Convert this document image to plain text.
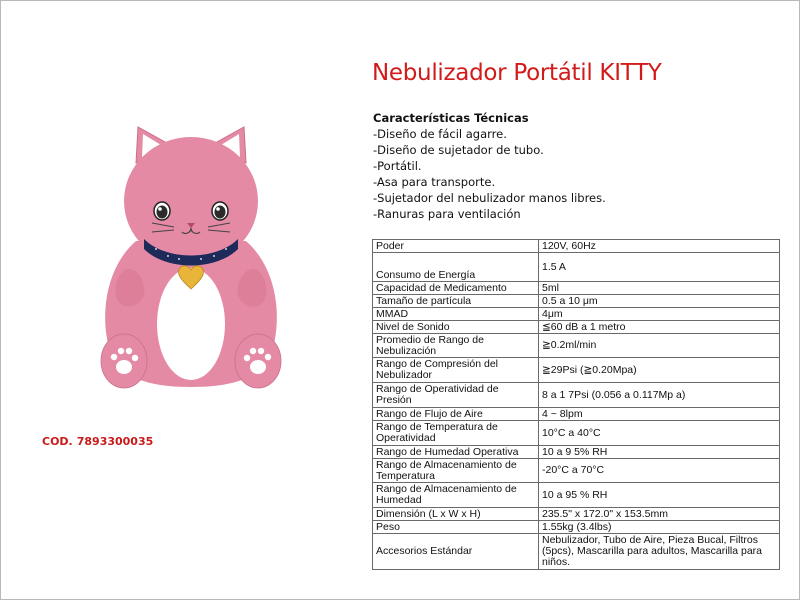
Nebulizador Portátil KITTY
Características Técnicas
-Diseño de fácil agarre.
-Diseño de sujetador de tubo.
-Portátil.
-Asa para transporte.
-Sujetador del nebulizador manos libres.
-Ranuras para ventilación
COD. 7893300035
Poder	120V, 60Hz
Consumo de Energía	1.5 A
Capacidad de Medicamento	5ml
Tamaño de partícula	0.5 a 10 μm
MMAD	4μm
Nivel de Sonido	≦60 dB a 1 metro
Promedio de Rango de Nebulización	≧0.2ml/min
Rango de Compresión del Nebulizador	≧29Psi (≧0.20Mpa)
Rango de Operatividad de Presión	8 a 1 7Psi (0.056 a 0.117Mp a)
Rango de Flujo de Aire	4 ~ 8lpm
Rango de Temperatura de Operatividad	10°C a 40°C
Rango de Humedad Operativa	10 a 9 5% RH
Rango de Almacenamiento de Temperatura	-20°C a 70°C
Rango de Almacenamiento de Humedad	10 a 95 % RH
Dimensión (L x W x H)	235.5" x 172.0" x 153.5mm
Peso	1.55kg (3.4lbs)
Accesorios Estándar	Nebulizador, Tubo de Aire, Pieza Bucal, Filtros (5pcs), Mascarilla para adultos, Mascarilla para niños.
